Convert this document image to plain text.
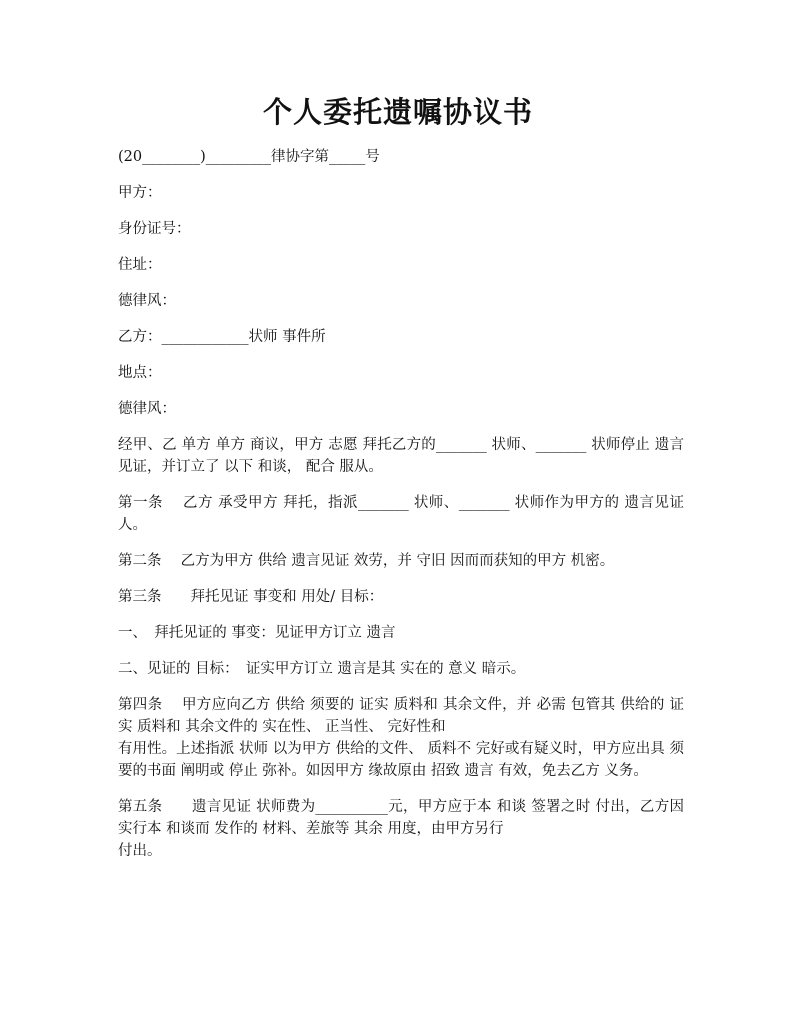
个人委托遗嘱协议书

(20________)_________律协字第_____号

甲方：

身份证号：

住址：

德律风：

乙方：____________状师 事件所

地点：

德律风：

经甲、乙 单方 单方 商议，甲方 志愿 拜托乙方的_______ 状师、_______ 状师停止 遗言见证，并订立了 以下 和谈， 配合 服从。

第一条　 乙方 承受甲方 拜托，指派_______ 状师、_______ 状师作为甲方的 遗言见证人。

第二条　 乙方为甲方 供给 遗言见证 效劳，并 守旧 因而而获知的甲方 机密。

第三条　　拜托见证 事变和 用处/ 目标：

一、　拜托见证的 事变：见证甲方订立 遗言

二、见证的 目标：　证实甲方订立 遗言是其 实在的 意义 暗示。

第四条　 甲方应向乙方 供给 须要的 证实 质料和 其余文件，并 必需 包管其 供给的 证实 质料和 其余文件的 实在性、 正当性、 完好性和
有用性。上述指派 状师 以为甲方 供给的文件、 质料不 完好或有疑义时，甲方应出具 须要的书面 阐明或 停止 弥补。如因甲方 缘故原由 招致 遗言 有效，免去乙方 义务。

第五条　　遗言见证 状师费为__________元，甲方应于本 和谈 签署之时 付出，乙方因 实行本 和谈而 发作的 材料、差旅等 其余 用度，由甲方另行
付出。
